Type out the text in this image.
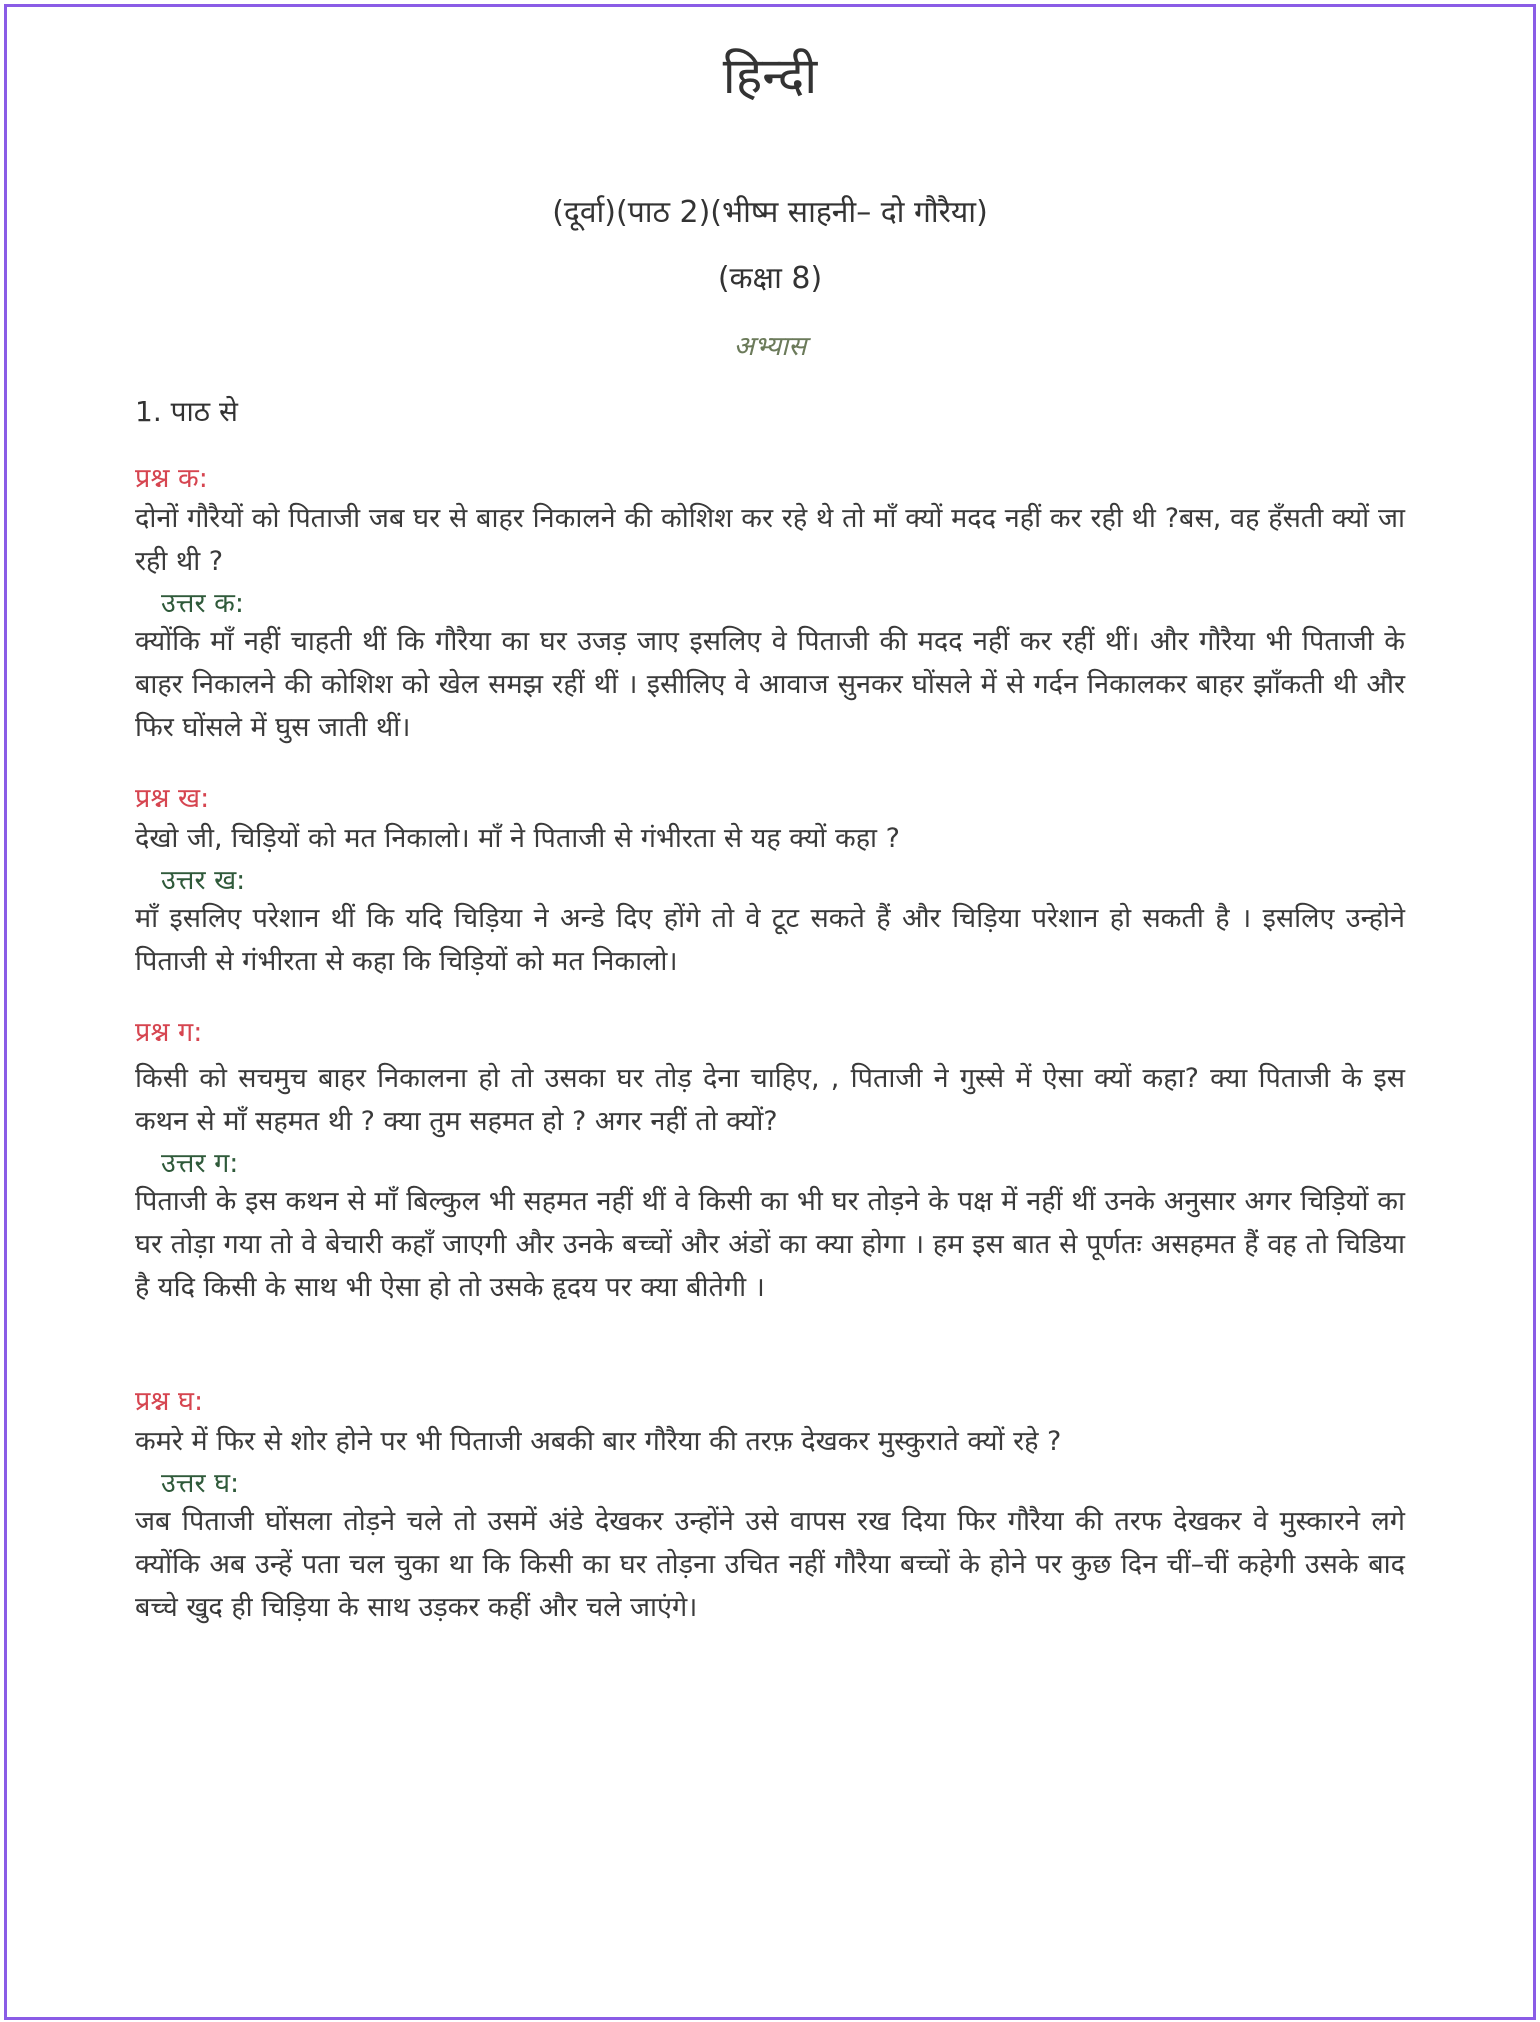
हिन्दी
(दूर्वा)(पाठ 2)(भीष्म साहनी– दो गौरैया)
(कक्षा 8)
अभ्यास
1. पाठ से
प्रश्न क:
दोनों गौरैयों को पिताजी जब घर से बाहर निकालने की कोशिश कर रहे थे तो माँ क्यों मदद नहीं कर रही थी ?बस, वह हँसती क्यों जा रही थी ?
उत्तर क:
क्योंकि माँ नहीं चाहती थीं कि गौरैया का घर उजड़ जाए इसलिए वे पिताजी की मदद नहीं कर रहीं थीं। और गौरैया भी पिताजी के बाहर निकालने की कोशिश को खेल समझ रहीं थीं । इसीलिए वे आवाज सुनकर घोंसले में से गर्दन निकालकर बाहर झाँकती थी और फिर घोंसले में घुस जाती थीं।
प्रश्न ख:
देखो जी, चिड़ियों को मत निकालो। माँ ने पिताजी से गंभीरता से यह क्यों कहा ?
उत्तर ख:
माँ इसलिए परेशान थीं कि यदि चिड़िया ने अन्डे दिए होंगे तो वे टूट सकते हैं और चिड़िया परेशान हो सकती है । इसलिए उन्होने पिताजी से गंभीरता से कहा कि चिड़ियों को मत निकालो।
प्रश्न ग:
किसी को सचमुच बाहर निकालना हो तो उसका घर तोड़ देना चाहिए, , पिताजी ने गुस्से में ऐसा क्यों कहा? क्या पिताजी के इस कथन से माँ सहमत थी ? क्या तुम सहमत हो ? अगर नहीं तो क्यों?
उत्तर ग:
पिताजी के इस कथन से माँ बिल्कुल भी सहमत नहीं थीं वे किसी का भी घर तोड़ने के पक्ष में नहीं थीं उनके अनुसार अगर चिड़ियों का घर तोड़ा गया तो वे बेचारी कहाँ जाएगी और उनके बच्चों और अंडों का क्या होगा । हम इस बात से पूर्णतः असहमत हैं वह तो चिडिया है यदि किसी के साथ भी ऐसा हो तो उसके हृदय पर क्या बीतेगी ।
प्रश्न घ:
कमरे में फिर से शोर होने पर भी पिताजी अबकी बार गौरैया की तरफ़ देखकर मुस्कुराते क्यों रहे ?
उत्तर घ:
जब पिताजी घोंसला तोड़ने चले तो उसमें अंडे देखकर उन्होंने उसे वापस रख दिया फिर गौरैया की तरफ देखकर वे मुस्कारने लगे क्योंकि अब उन्हें पता चल चुका था कि किसी का घर तोड़ना उचित नहीं गौरैया बच्चों के होने पर कुछ दिन चीं–चीं कहेगी उसके बाद बच्चे खुद ही चिड़िया के साथ उड़कर कहीं और चले जाएंगे।
